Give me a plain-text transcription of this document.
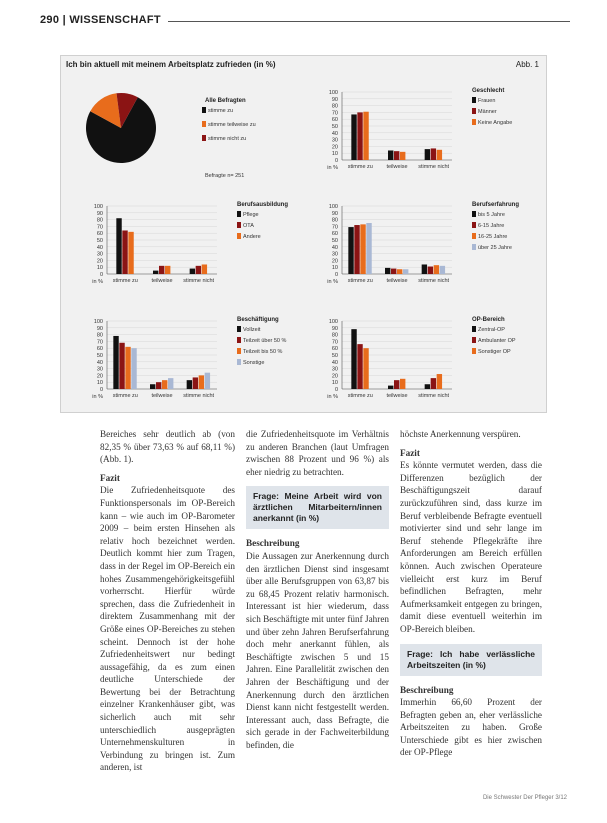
290 | WISSENSCHAFT
Ich bin aktuell mit meinem Arbeitsplatz zufrieden (in %)	Abb. 1
Alle Befragten
stimme zu
stimme teilweise zu
stimme nicht zu
Befragte n= 251
100
90
80
70
60
50
40
30
20
10
0
in % stimme zu teilweise stimme nicht
Geschlecht
Frauen
Männer
Keine Angabe
100
90
80
70
60
50
40
30
20
10
0
in % stimme zu teilweise stimme nicht
Berufsausbildung
Pflege
OTA
Andere
100
90
80
70
60
50
40
30
20
10
0
in % stimme zu teilweise stimme nicht
Berufserfahrung
bis 5 Jahre
6-15 Jahre
16-25 Jahre
über 25 Jahre
100
90
80
70
60
50
40
30
20
10
0
in % stimme zu teilweise stimme nicht
Beschäftigung
Vollzeit
Teilzeit über 50 %
Teilzeit bis 50 %
Sonstige
100
90
80
70
60
50
40
30
20
10
0
in % stimme zu teilweise stimme nicht
OP-Bereich
Zentral-OP
Ambulanter OP
Sonstiger OP

Bereiches sehr deutlich ab (von 82,35 % über 73,63 % auf 68,11 %) (Abb. 1).

Fazit

Die Zufriedenheitsquote des Funktionspersonals im OP-Bereich kann – wie auch im OP-Barometer 2009 – beim ersten Hinsehen als relativ hoch bezeichnet werden. Deutlich kommt hier zum Tragen, dass in der Regel im OP-Bereich ein hohes Zusammengehörigkeitsgefühl vorherrscht. Hierfür würde sprechen, dass die Zufriedenheit in direktem Zusammenhang mit der Größe eines OP-Bereiches zu stehen scheint. Dennoch ist der hohe Zufriedenheitswert nur bedingt aussagefähig, da es zum einen deutliche Unterschiede der Bewertung bei der Betrachtung einzelner Krankenhäuser gibt, was sicherlich auch mit sehr unterschiedlich ausgeprägten Unternehmenskulturen in Verbindung zu bringen ist. Zum anderen, ist

die Zufriedenheitsquote im Verhältnis zu anderen Branchen (laut Umfragen zwischen 88 Prozent und 96 %) als eher niedrig zu betrachten.

Frage: Meine Arbeit wird von ärztlichen Mitarbeitern/innen anerkannt (in %)
Beschreibung

Die Aussagen zur Anerkennung durch den ärztlichen Dienst sind insgesamt über alle Berufsgruppen von 63,87 bis zu 68,45 Prozent relativ harmonisch. Interessant ist hier wiederum, dass sich Beschäftigte mit unter fünf Jahren und über zehn Jahren Berufserfahrung doch mehr anerkannt fühlen, als Beschäftigte zwischen 5 und 15 Jahren. Eine Parallelität zwischen den Jahren der Beschäftigung und der Anerkennung durch den ärztlichen Dienst kann nicht festgestellt werden. Interessant auch, dass Befragte, die sich gerade in der Fachweiterbildung befinden, die

höchste Anerkennung verspüren.

Fazit

Es könnte vermutet werden, dass die Differenzen bezüglich der Beschäftigungszeit darauf zurückzuführen sind, dass kurze im Beruf verbleibende Befragte eventuell motivierter sind und sehr lange im Beruf stehende Pflegekräfte ihre Anforderungen am Bereich erfüllen können. Auch zwischen Operateure vielleicht erst kurz im Beruf befindlichen Befragten, mehr Aufmerksamkeit entgegen zu bringen, damit diese eventuell weiterhin im OP-Bereich bleiben.

Frage: Ich habe verlässliche Arbeitszeiten (in %)
Beschreibung

Immerhin 66,60 Prozent der Befragten geben an, eher verlässliche Arbeitszeiten zu haben. Große Unterschiede gibt es hier zwischen der OP-Pflege

Die Schwester Der Pfleger 3/12
